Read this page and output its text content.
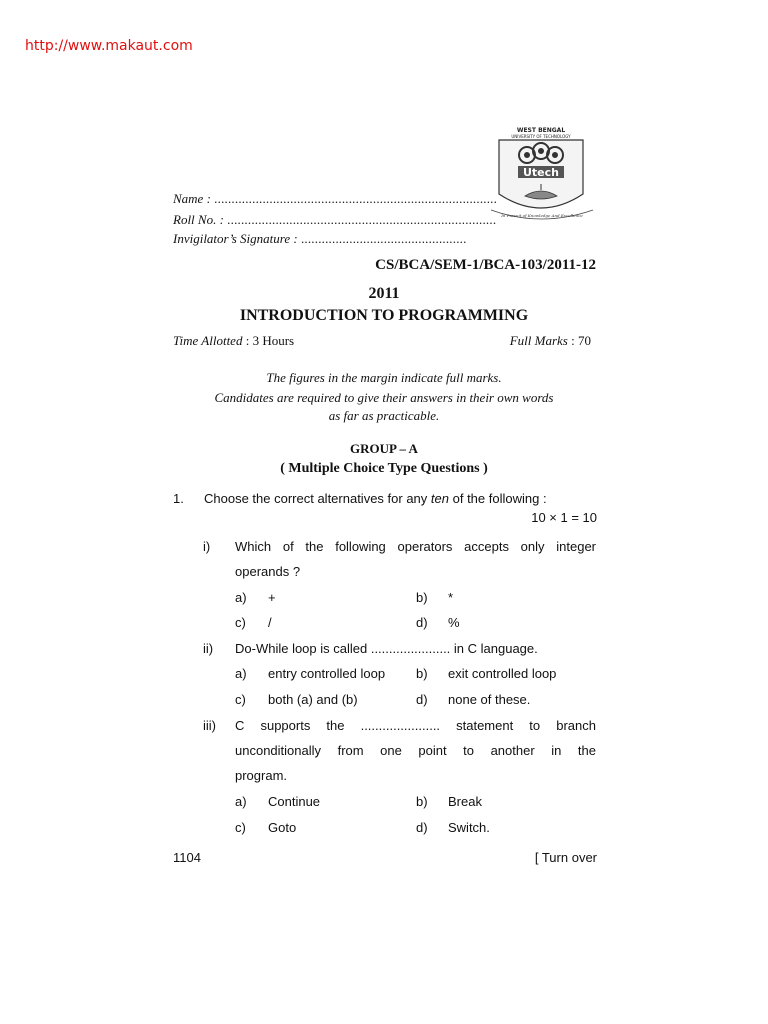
http://www.makaut.com
WEST BENGAL
UNIVERSITY OF TECHNOLOGY
Utech
In Pursuit of Knowledge And Excellence
Name : ..................................................................................
Roll No. : ..............................................................................
Invigilator’s Signature : ................................................
CS/BCA/SEM-1/BCA-103/2011-12
2011
INTRODUCTION TO PROGRAMMING
Time Allotted : 3 Hours	Full Marks : 70
The figures in the margin indicate full marks.
Candidates are required to give their answers in their own words
as far as practicable.
GROUP – A
( Multiple Choice Type Questions )
1. Choose the correct alternatives for any ten of the following :
10 × 1 = 10
i) Which of the following operators accepts only integer
operands ?
a) +	b) *
c) /	d) %
ii) Do-While loop is called ...................... in C language.
a) entry controlled loop b) exit controlled loop
c) both (a) and (b)	d) none of these.
iii) C supports the ...................... statement to branch
unconditionally from one point to another in the
program.
a) Continue	b) Break
c) Goto	d) Switch.
1104	[ Turn over
